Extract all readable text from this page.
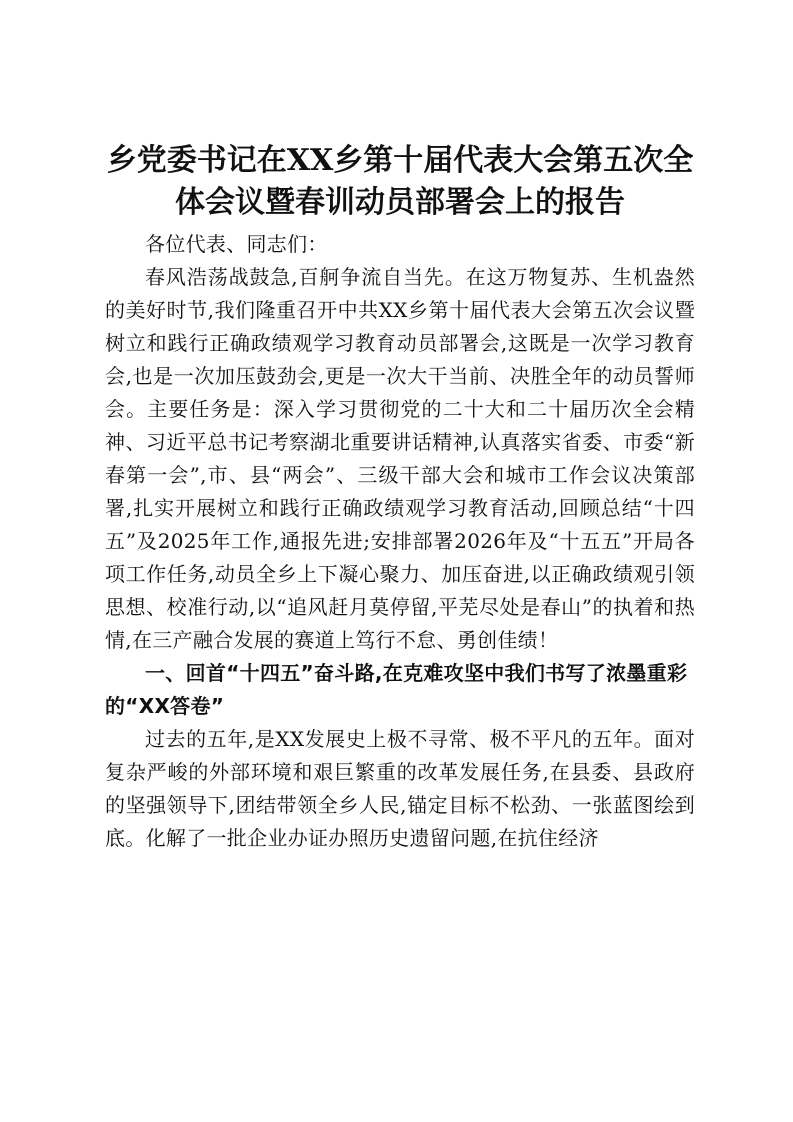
乡党委书记在XX乡第十届代表大会第五次全
体会议暨春训动员部署会上的报告

各位代表、同志们：

春风浩荡战鼓急,百舸争流自当先。在这万物复苏、生机盎然的美好时节,我们隆重召开中共XX乡第十届代表大会第五次会议暨树立和践行正确政绩观学习教育动员部署会,这既是一次学习教育会,也是一次加压鼓劲会,更是一次大干当前、决胜全年的动员誓师会。主要任务是：深入学习贯彻党的二十大和二十届历次全会精神、习近平总书记考察湖北重要讲话精神,认真落实省委、市委“新春第一会”,市、县“两会”、三级干部大会和城市工作会议决策部署,扎实开展树立和践行正确政绩观学习教育活动,回顾总结“十四五”及2025年工作,通报先进;安排部署2026年及“十五五”开局各项工作任务,动员全乡上下凝心聚力、加压奋进,以正确政绩观引领思想、校准行动,以“追风赶月莫停留,平芜尽处是春山”的执着和热情,在三产融合发展的赛道上笃行不怠、勇创佳绩！

一、回首“十四五”奋斗路,在克难攻坚中我们书写了浓墨重彩的“XX答卷”

过去的五年,是XX发展史上极不寻常、极不平凡的五年。面对复杂严峻的外部环境和艰巨繁重的改革发展任务,在县委、县政府的坚强领导下,团结带领全乡人民,锚定目标不松劲、一张蓝图绘到底。化解了一批企业办证办照历史遗留问题,在抗住经济
